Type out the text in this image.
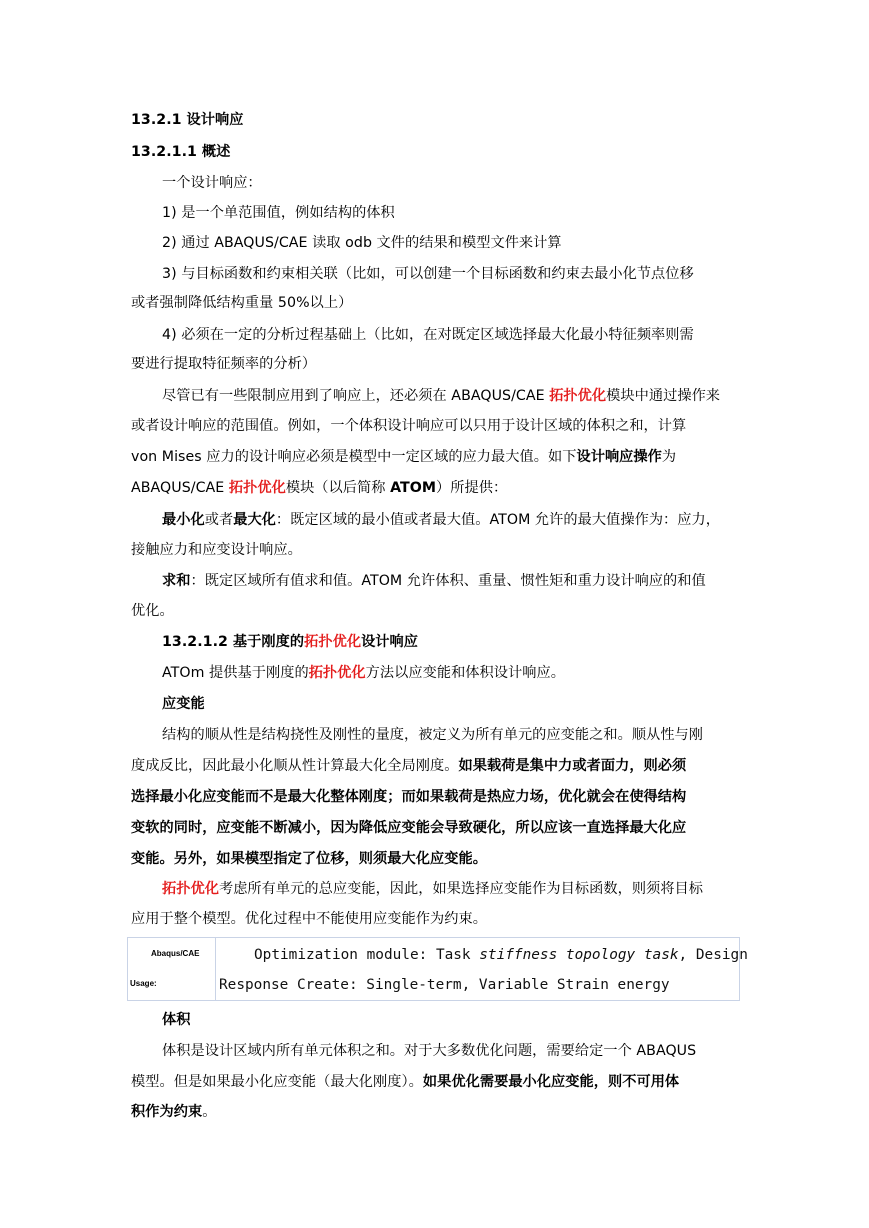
13.2.1 设计响应
13.2.1.1 概述
一个设计响应：
1) 是一个单范围值，例如结构的体积
2) 通过 ABAQUS/CAE 读取 odb 文件的结果和模型文件来计算
3) 与目标函数和约束相关联（比如，可以创建一个目标函数和约束去最小化节点位移
或者强制降低结构重量 50%以上）
4) 必须在一定的分析过程基础上（比如，在对既定区域选择最大化最小特征频率则需
要进行提取特征频率的分析）
尽管已有一些限制应用到了响应上，还必须在 ABAQUS/CAE 拓扑优化模块中通过操作来
或者设计响应的范围值。例如，一个体积设计响应可以只用于设计区域的体积之和，计算
von Mises 应力的设计响应必须是模型中一定区域的应力最大值。如下设计响应操作为
ABAQUS/CAE 拓扑优化模块（以后简称 ATOM）所提供：
最小化或者最大化：既定区域的最小值或者最大值。ATOM 允许的最大值操作为：应力，
接触应力和应变设计响应。
求和：既定区域所有值求和值。ATOM 允许体积、重量、惯性矩和重力设计响应的和值
优化。
13.2.1.2 基于刚度的拓扑优化设计响应
ATOm 提供基于刚度的拓扑优化方法以应变能和体积设计响应。
应变能
结构的顺从性是结构挠性及刚性的量度，被定义为所有单元的应变能之和。顺从性与刚
度成反比，因此最小化顺从性计算最大化全局刚度。如果载荷是集中力或者面力，则必须
选择最小化应变能而不是最大化整体刚度；而如果载荷是热应力场，优化就会在使得结构
变软的同时，应变能不断减小，因为降低应变能会导致硬化，所以应该一直选择最大化应
变能。另外，如果模型指定了位移，则须最大化应变能。
拓扑优化考虑所有单元的总应变能，因此，如果选择应变能作为目标函数，则须将目标
应用于整个模型。优化过程中不能使用应变能作为约束。
Abaqus/CAE
Usage:
Optimization module: Task stiffness topology task, Design
Response Create: Single-term, Variable Strain energy
体积
体积是设计区域内所有单元体积之和。对于大多数优化问题，需要给定一个 ABAQUS
模型。但是如果最小化应变能（最大化刚度）。如果优化需要最小化应变能，则不可用体
积作为约束。
